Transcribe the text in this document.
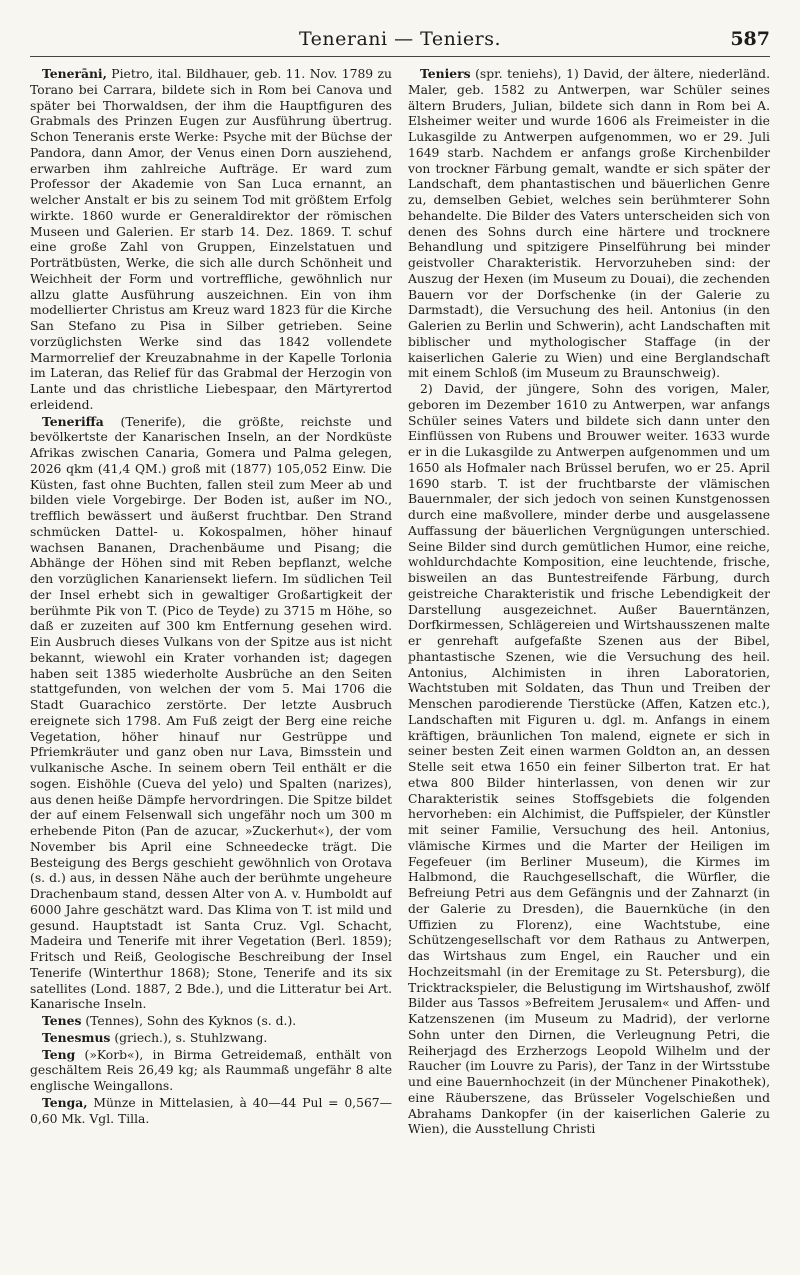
Tenerani — Teniers.	587

Tenerāni, Pietro, ital. Bildhauer, geb. 11. Nov. 1789 zu Torano bei Carrara, bildete sich in Rom bei Canova und später bei Thorwaldsen, der ihm die Hauptfiguren des Grabmals des Prinzen Eugen zur Ausführung übertrug. Schon Teneranis erste Werke: Psyche mit der Büchse der Pandora, dann Amor, der Venus einen Dorn ausziehend, erwarben ihm zahlreiche Aufträge. Er ward zum Professor der Akademie von San Luca ernannt, an welcher Anstalt er bis zu seinem Tod mit größtem Erfolg wirkte. 1860 wurde er Generaldirektor der römischen Museen und Galerien. Er starb 14. Dez. 1869. T. schuf eine große Zahl von Gruppen, Einzelstatuen und Porträtbüsten, Werke, die sich alle durch Schönheit und Weichheit der Form und vortreffliche, gewöhnlich nur allzu glatte Ausführung auszeichnen. Ein von ihm modellierter Christus am Kreuz ward 1823 für die Kirche San Stefano zu Pisa in Silber getrieben. Seine vorzüglichsten Werke sind das 1842 vollendete Marmorrelief der Kreuzabnahme in der Kapelle Torlonia im Lateran, das Relief für das Grabmal der Herzogin von Lante und das christliche Liebespaar, den Märtyrertod erleidend.

Teneriffa (Tenerife), die größte, reichste und bevölkertste der Kanarischen Inseln, an der Nordküste Afrikas zwischen Canaria, Gomera und Palma gelegen, 2026 qkm (41,4 QM.) groß mit (1877) 105,052 Einw. Die Küsten, fast ohne Buchten, fallen steil zum Meer ab und bilden viele Vorgebirge. Der Boden ist, außer im NO., trefflich bewässert und äußerst fruchtbar. Den Strand schmücken Dattel- u. Kokospalmen, höher hinauf wachsen Bananen, Drachenbäume und Pisang; die Abhänge der Höhen sind mit Reben bepflanzt, welche den vorzüglichen Kanariensekt liefern. Im südlichen Teil der Insel erhebt sich in gewaltiger Großartigkeit der berühmte Pik von T. (Pico de Teyde) zu 3715 m Höhe, so daß er zuzeiten auf 300 km Entfernung gesehen wird. Ein Ausbruch dieses Vulkans von der Spitze aus ist nicht bekannt, wiewohl ein Krater vorhanden ist; dagegen haben seit 1385 wiederholte Ausbrüche an den Seiten stattgefunden, von welchen der vom 5. Mai 1706 die Stadt Guarachico zerstörte. Der letzte Ausbruch ereignete sich 1798. Am Fuß zeigt der Berg eine reiche Vegetation, höher hinauf nur Gestrüppe und Pfriemkräuter und ganz oben nur Lava, Bimsstein und vulkanische Asche. In seinem obern Teil enthält er die sogen. Eishöhle (Cueva del yelo) und Spalten (narizes), aus denen heiße Dämpfe hervordringen. Die Spitze bildet der auf einem Felsenwall sich ungefähr noch um 300 m erhebende Piton (Pan de azucar, »Zuckerhut«), der vom November bis April eine Schneedecke trägt. Die Besteigung des Bergs geschieht gewöhnlich von Orotava (s. d.) aus, in dessen Nähe auch der berühmte ungeheure Drachenbaum stand, dessen Alter von A. v. Humboldt auf 6000 Jahre geschätzt ward. Das Klima von T. ist mild und gesund. Hauptstadt ist Santa Cruz. Vgl. Schacht, Madeira und Tenerife mit ihrer Vegetation (Berl. 1859); Fritsch und Reiß, Geologische Beschreibung der Insel Tenerife (Winterthur 1868); Stone, Tenerife and its six satellites (Lond. 1887, 2 Bde.), und die Litteratur bei Art. Kanarische Inseln.

Tenes (Tennes), Sohn des Kyknos (s. d.).

Tenesmus (griech.), s. Stuhlzwang.

Teng (»Korb«), in Birma Getreidemaß, enthält von geschältem Reis 26,49 kg; als Raummaß ungefähr 8 alte englische Weingallons.

Tenga, Münze in Mittelasien, à 40—44 Pul = 0,567—0,60 Mk. Vgl. Tilla.

Teniers (spr. teniehs), 1) David, der ältere, niederländ. Maler, geb. 1582 zu Antwerpen, war Schüler seines ältern Bruders, Julian, bildete sich dann in Rom bei A. Elsheimer weiter und wurde 1606 als Freimeister in die Lukasgilde zu Antwerpen aufgenommen, wo er 29. Juli 1649 starb. Nachdem er anfangs große Kirchenbilder von trockner Färbung gemalt, wandte er sich später der Landschaft, dem phantastischen und bäuerlichen Genre zu, demselben Gebiet, welches sein berühmterer Sohn behandelte. Die Bilder des Vaters unterscheiden sich von denen des Sohns durch eine härtere und trocknere Behandlung und spitzigere Pinselführung bei minder geistvoller Charakteristik. Hervorzuheben sind: der Auszug der Hexen (im Museum zu Douai), die zechenden Bauern vor der Dorfschenke (in der Galerie zu Darmstadt), die Versuchung des heil. Antonius (in den Galerien zu Berlin und Schwerin), acht Landschaften mit biblischer und mythologischer Staffage (in der kaiserlichen Galerie zu Wien) und eine Berglandschaft mit einem Schloß (im Museum zu Braunschweig).

2) David, der jüngere, Sohn des vorigen, Maler, geboren im Dezember 1610 zu Antwerpen, war anfangs Schüler seines Vaters und bildete sich dann unter den Einflüssen von Rubens und Brouwer weiter. 1633 wurde er in die Lukasgilde zu Antwerpen aufgenommen und um 1650 als Hofmaler nach Brüssel berufen, wo er 25. April 1690 starb. T. ist der fruchtbarste der vlämischen Bauernmaler, der sich jedoch von seinen Kunstgenossen durch eine maßvollere, minder derbe und ausgelassene Auffassung der bäuerlichen Vergnügungen unterschied. Seine Bilder sind durch gemütlichen Humor, eine reiche, wohldurchdachte Komposition, eine leuchtende, frische, bisweilen an das Buntestreifende Färbung, durch geistreiche Charakteristik und frische Lebendigkeit der Darstellung ausgezeichnet. Außer Bauerntänzen, Dorfkirmessen, Schlägereien und Wirtshausszenen malte er genrehaft aufgefaßte Szenen aus der Bibel, phantastische Szenen, wie die Versuchung des heil. Antonius, Alchimisten in ihren Laboratorien, Wachtstuben mit Soldaten, das Thun und Treiben der Menschen parodierende Tierstücke (Affen, Katzen etc.), Landschaften mit Figuren u. dgl. m. Anfangs in einem kräftigen, bräunlichen Ton malend, eignete er sich in seiner besten Zeit einen warmen Goldton an, an dessen Stelle seit etwa 1650 ein feiner Silberton trat. Er hat etwa 800 Bilder hinterlassen, von denen wir zur Charakteristik seines Stoffsgebiets die folgenden hervorheben: ein Alchimist, die Puffspieler, der Künstler mit seiner Familie, Versuchung des heil. Antonius, vlämische Kirmes und die Marter der Heiligen im Fegefeuer (im Berliner Museum), die Kirmes im Halbmond, die Rauchgesellschaft, die Würfler, die Befreiung Petri aus dem Gefängnis und der Zahnarzt (in der Galerie zu Dresden), die Bauernküche (in den Uffizien zu Florenz), eine Wachtstube, eine Schützengesellschaft vor dem Rathaus zu Antwerpen, das Wirtshaus zum Engel, ein Raucher und ein Hochzeitsmahl (in der Eremitage zu St. Petersburg), die Tricktrackspieler, die Belustigung im Wirtshaushof, zwölf Bilder aus Tassos »Befreitem Jerusalem« und Affen- und Katzenszenen (im Museum zu Madrid), der verlorne Sohn unter den Dirnen, die Verleugnung Petri, die Reiherjagd des Erzherzogs Leopold Wilhelm und der Raucher (im Louvre zu Paris), der Tanz in der Wirtsstube und eine Bauernhochzeit (in der Münchener Pinakothek), eine Räuberszene, das Brüsseler Vogelschießen und Abrahams Dankopfer (in der kaiserlichen Galerie zu Wien), die Ausstellung Christi
